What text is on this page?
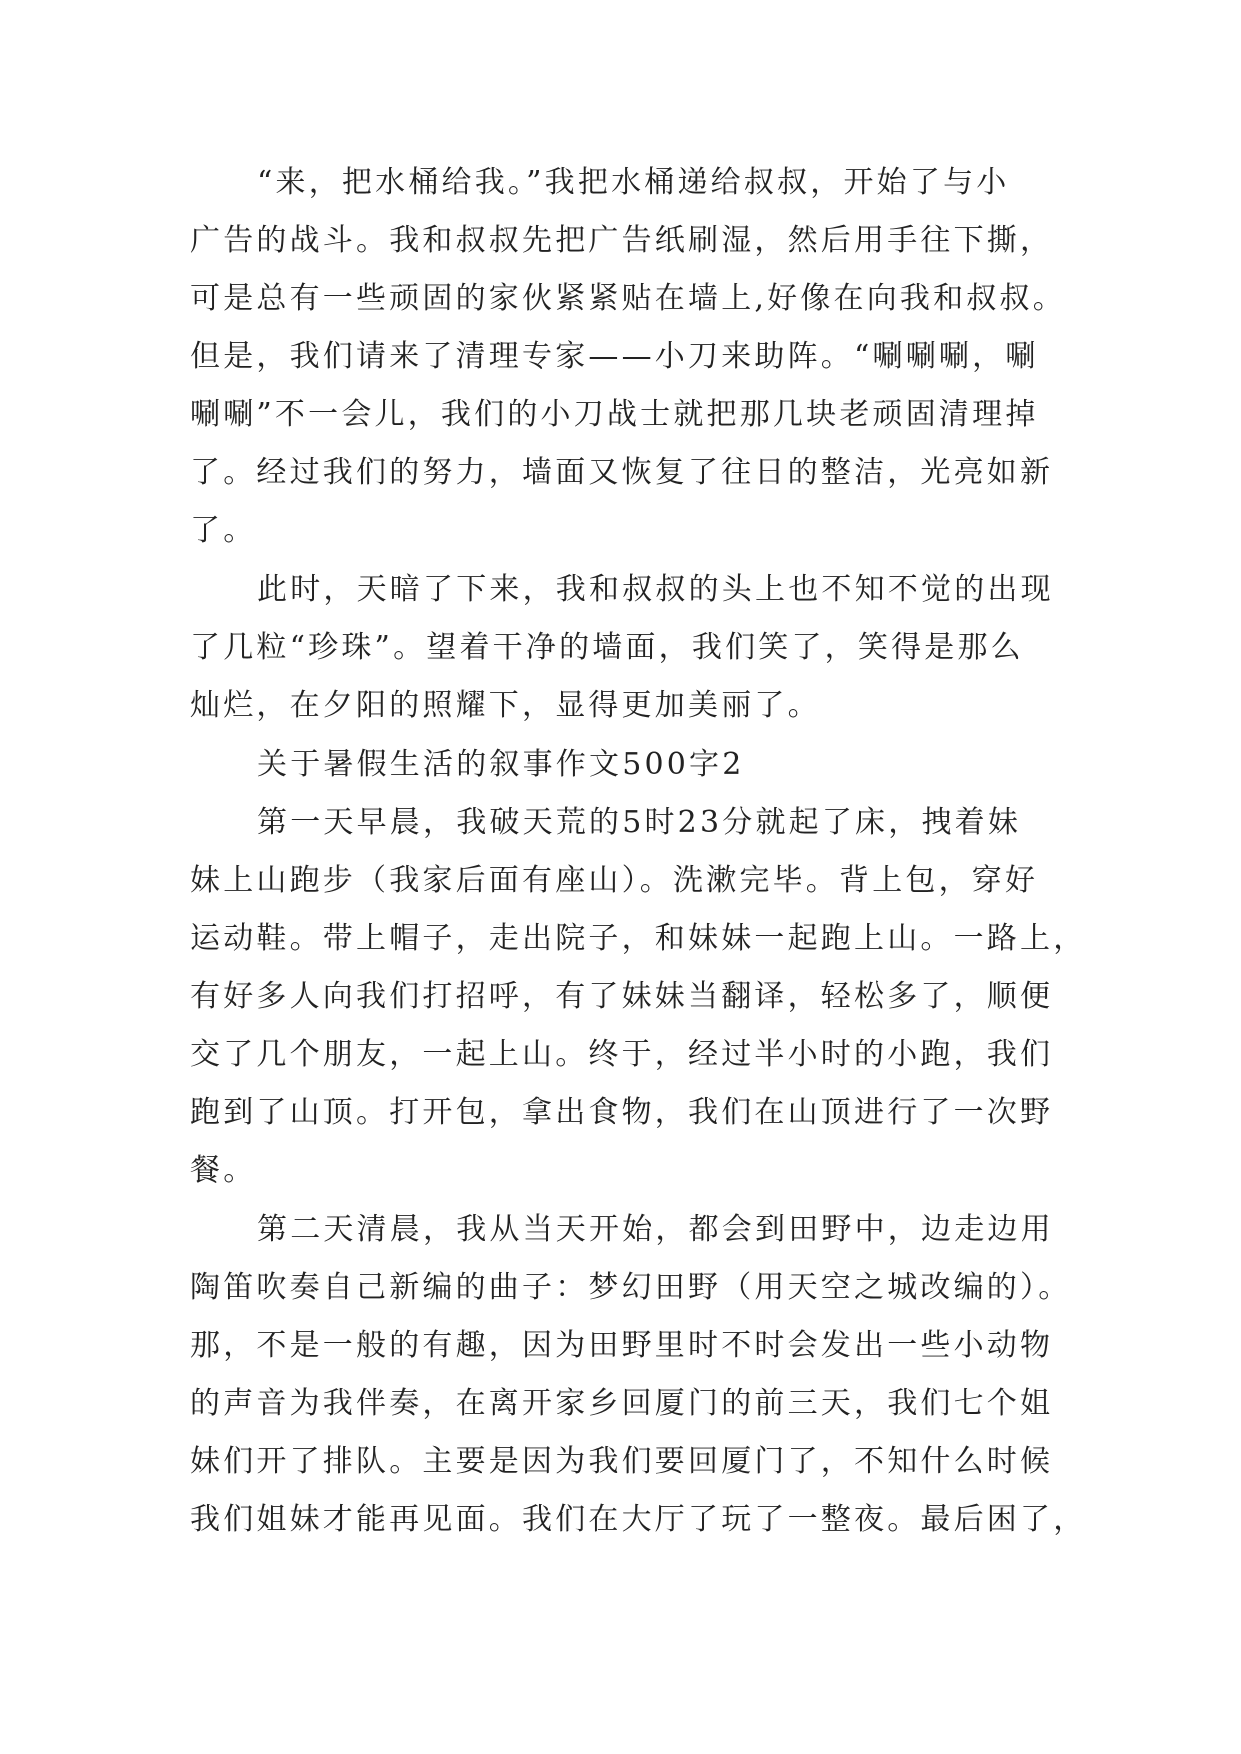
“来，把水桶给我。”我把水桶递给叔叔，开始了与小
广告的战斗。我和叔叔先把广告纸刷湿，然后用手往下撕，
可是总有一些顽固的家伙紧紧贴在墙上,好像在向我和叔叔。
但是，我们请来了清理专家——小刀来助阵。“唰唰唰，唰
唰唰”不一会儿，我们的小刀战士就把那几块老顽固清理掉
了。经过我们的努力，墙面又恢复了往日的整洁，光亮如新
了。
此时，天暗了下来，我和叔叔的头上也不知不觉的出现
了几粒“珍珠”。望着干净的墙面，我们笑了，笑得是那么
灿烂，在夕阳的照耀下，显得更加美丽了。
关于暑假生活的叙事作文500字2
第一天早晨，我破天荒的5时23分就起了床，拽着妹
妹上山跑步（我家后面有座山）。洗漱完毕。背上包，穿好
运动鞋。带上帽子，走出院子，和妹妹一起跑上山。一路上，
有好多人向我们打招呼，有了妹妹当翻译，轻松多了，顺便
交了几个朋友，一起上山。终于，经过半小时的小跑，我们
跑到了山顶。打开包，拿出食物，我们在山顶进行了一次野
餐。
第二天清晨，我从当天开始，都会到田野中，边走边用
陶笛吹奏自己新编的曲子：梦幻田野（用天空之城改编的）。
那，不是一般的有趣，因为田野里时不时会发出一些小动物
的声音为我伴奏，在离开家乡回厦门的前三天，我们七个姐
妹们开了排队。主要是因为我们要回厦门了，不知什么时候
我们姐妹才能再见面。我们在大厅了玩了一整夜。最后困了，
